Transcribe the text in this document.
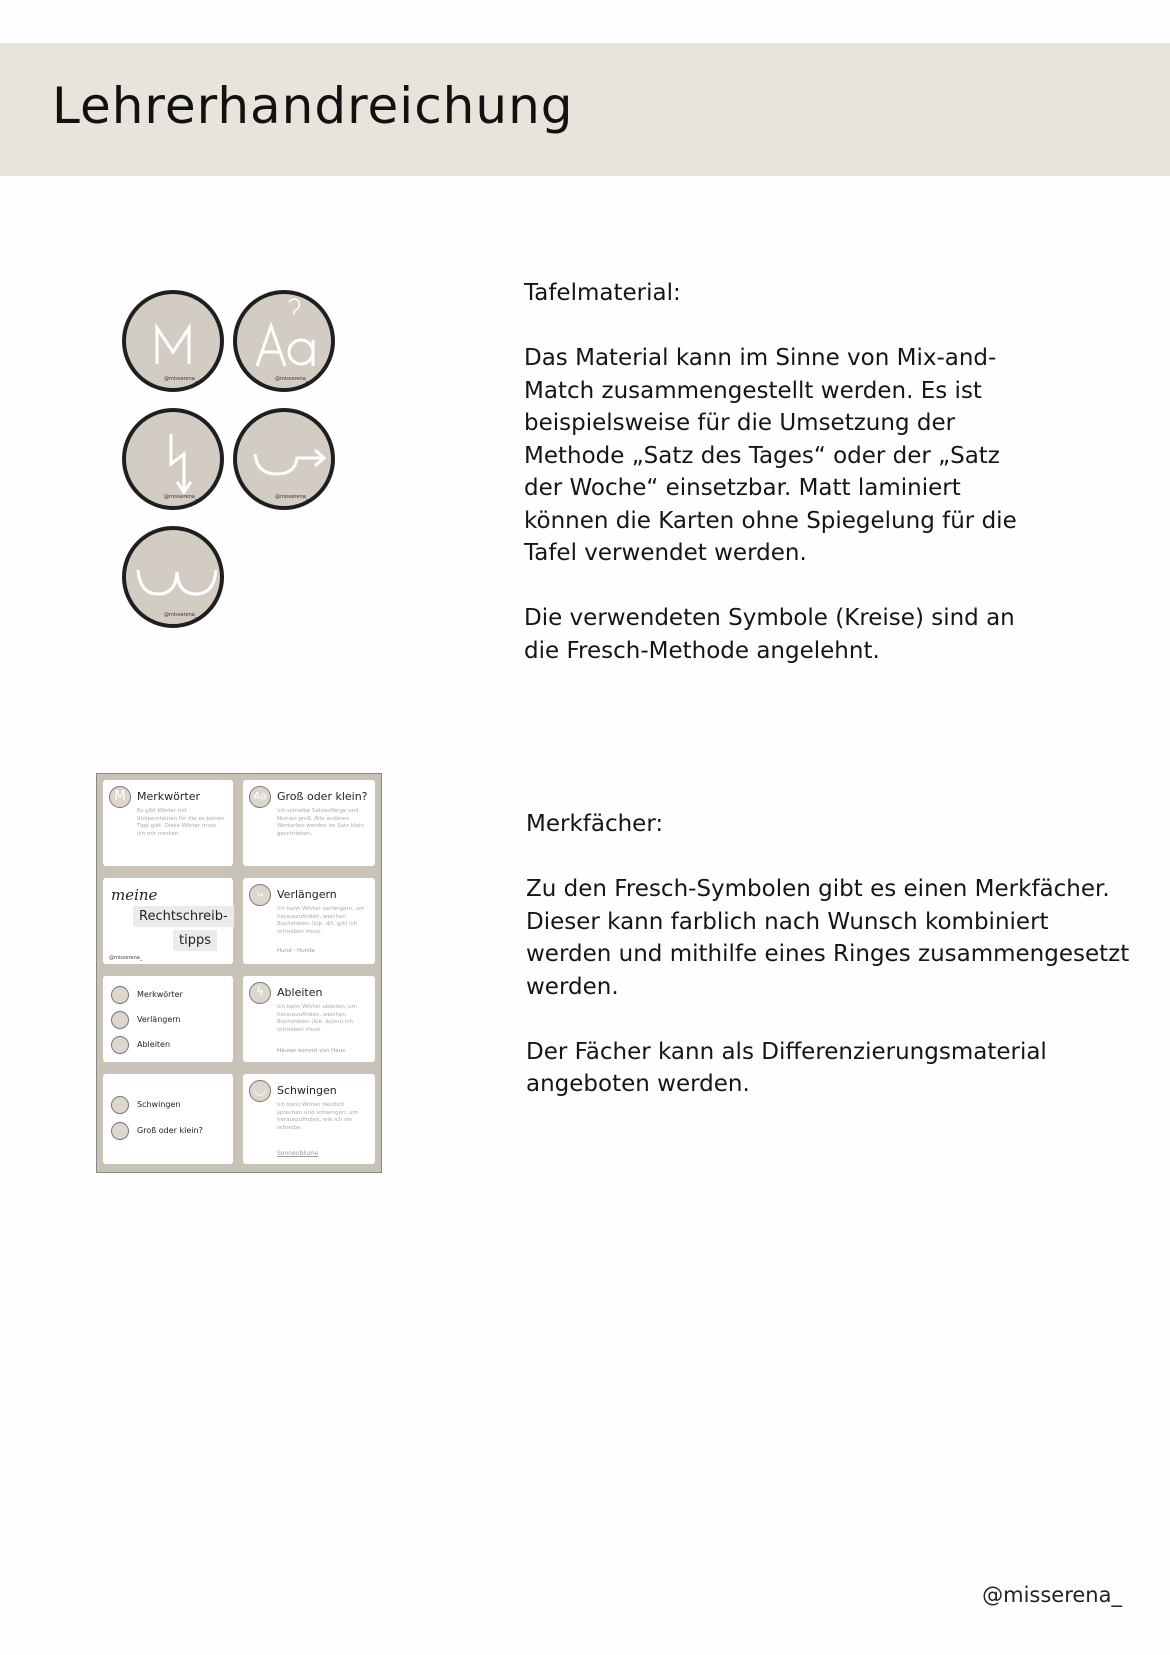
Lehrerhandreichung
@misserena_	@misserena_
@misserena_	@misserena_
@misserena_
Tafelmaterial:

Das Material kann im Sinne von Mix-and-
Match zusammengestellt werden. Es ist
beispielsweise für die Umsetzung der
Methode „Satz des Tages“ oder der „Satz
der Woche“ einsetzbar. Matt laminiert
können die Karten ohne Spiegelung für die
Tafel verwendet werden.

Die verwendeten Symbole (Kreise) sind an
die Fresch-Methode angelehnt.
M	Merkwörter
Es gibt Wörter mit Stolpersteinen für die es keinen Tipp gibt. Diese Wörter muss ich mir merken.
Aa Groß oder klein?
Ich schreibe Satzanfänge und Nomen groß. Alle anderen Wortarten werden im Satz klein geschrieben.
meine
Rechtschreib-
tipps
@misserena_
⤷	Verlängern
Ich kann Wörter verlängern, um herauszufinden, welchen Buchstaben (b/p, d/t, g/k) ich schreiben muss.
Hund - Hunde
Merkwörter
Verlängern
Ableiten
ϟ	Ableiten
Ich kann Wörter ableiten, um herauszufinden, welchen Buchstaben (ä/e, äu/eu) ich schreiben muss.
Häuser kommt von Haus
Schwingen
Groß oder klein?
◡	Schwingen
Ich kann Wörter deutlich sprechen und schwingen, um herauszufinden, wie ich sie schreibe.
Sonnenblume
Merkfächer:

Zu den Fresch-Symbolen gibt es einen Merkfächer.
Dieser kann farblich nach Wunsch kombiniert
werden und mithilfe eines Ringes zusammengesetzt
werden.

Der Fächer kann als Differenzierungsmaterial
angeboten werden.
@misserena_
